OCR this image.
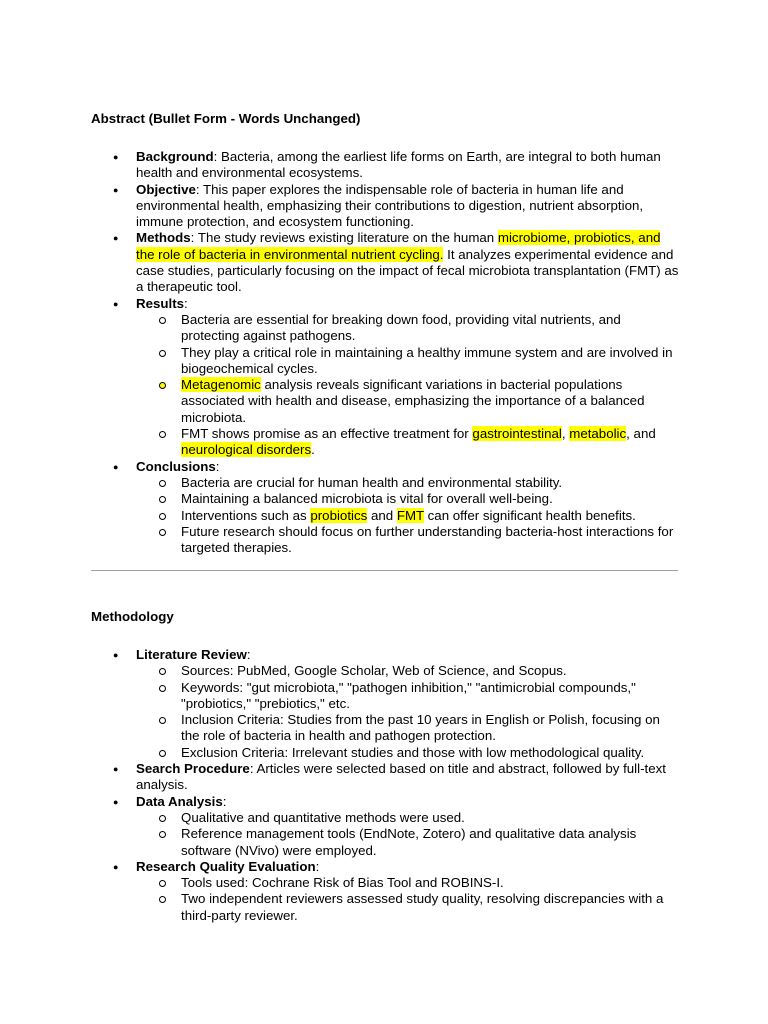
Abstract (Bullet Form - Words Unchanged)
● Background: Bacteria, among the earliest life forms on Earth, are integral to both human health and environmental ecosystems.
● Objective: This paper explores the indispensable role of bacteria in human life and environmental health, emphasizing their contributions to digestion, nutrient absorption, immune protection, and ecosystem functioning.
● Methods: The study reviews existing literature on the human microbiome, probiotics, and the role of bacteria in environmental nutrient cycling. It analyzes experimental evidence and case studies, particularly focusing on the impact of fecal microbiota transplantation (FMT) as a therapeutic tool.
● Results:
Bacteria are essential for breaking down food, providing vital nutrients, and protecting against pathogens.
They play a critical role in maintaining a healthy immune system and are involved in biogeochemical cycles.
Metagenomic analysis reveals significant variations in bacterial populations associated with health and disease, emphasizing the importance of a balanced microbiota.
FMT shows promise as an effective treatment for gastrointestinal, metabolic, and neurological disorders.
● Conclusions:
Bacteria are crucial for human health and environmental stability.
Maintaining a balanced microbiota is vital for overall well-being.
Interventions such as probiotics and FMT can offer significant health benefits.
Future research should focus on further understanding bacteria-host interactions for targeted therapies.
Methodology
● Literature Review:
Sources: PubMed, Google Scholar, Web of Science, and Scopus.
Keywords: "gut microbiota," "pathogen inhibition," "antimicrobial compounds," "probiotics," "prebiotics," etc.
Inclusion Criteria: Studies from the past 10 years in English or Polish, focusing on the role of bacteria in health and pathogen protection.
Exclusion Criteria: Irrelevant studies and those with low methodological quality.
● Search Procedure: Articles were selected based on title and abstract, followed by full-text analysis.
● Data Analysis:
Qualitative and quantitative methods were used.
Reference management tools (EndNote, Zotero) and qualitative data analysis software (NVivo) were employed.
● Research Quality Evaluation:
Tools used: Cochrane Risk of Bias Tool and ROBINS-I.
Two independent reviewers assessed study quality, resolving discrepancies with a third-party reviewer.
